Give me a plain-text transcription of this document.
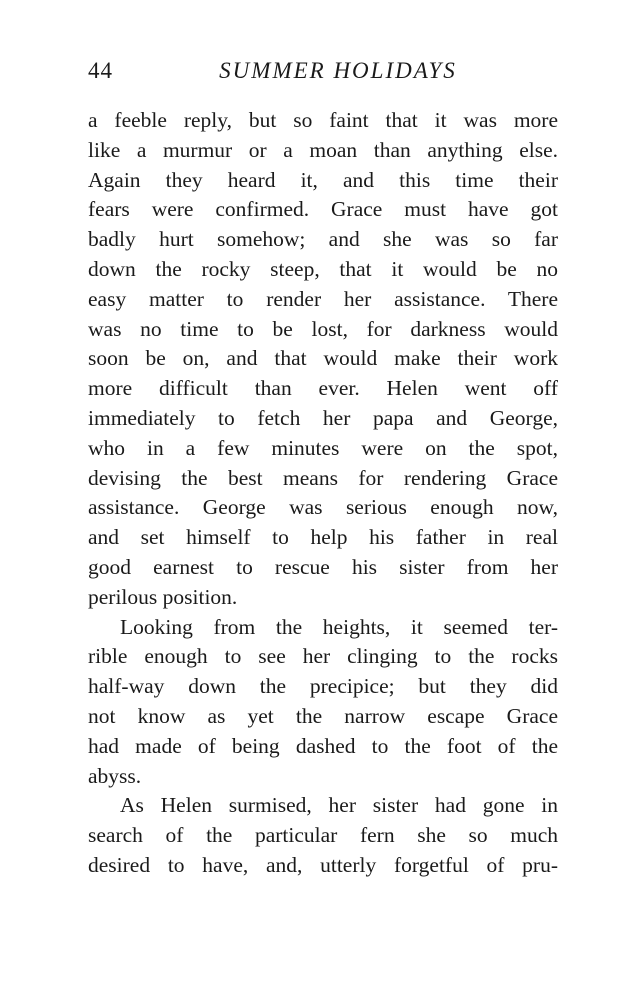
44	SUMMER HOLIDAYS
a feeble reply, but so faint that it was more
like a murmur or a moan than anything else.
Again they heard it, and this time their
fears were confirmed. Grace must have got
badly hurt somehow; and she was so far
down the rocky steep, that it would be no
easy matter to render her assistance. There
was no time to be lost, for darkness would
soon be on, and that would make their work
more difficult than ever. Helen went off
immediately to fetch her papa and George,
who in a few minutes were on the spot,
devising the best means for rendering Grace
assistance. George was serious enough now,
and set himself to help his father in real
good earnest to rescue his sister from her
perilous position.
Looking from the heights, it seemed ter-
rible enough to see her clinging to the rocks
half-way down the precipice; but they did
not know as yet the narrow escape Grace
had made of being dashed to the foot of the
abyss.
As Helen surmised, her sister had gone in
search of the particular fern she so much
desired to have, and, utterly forgetful of pru-
